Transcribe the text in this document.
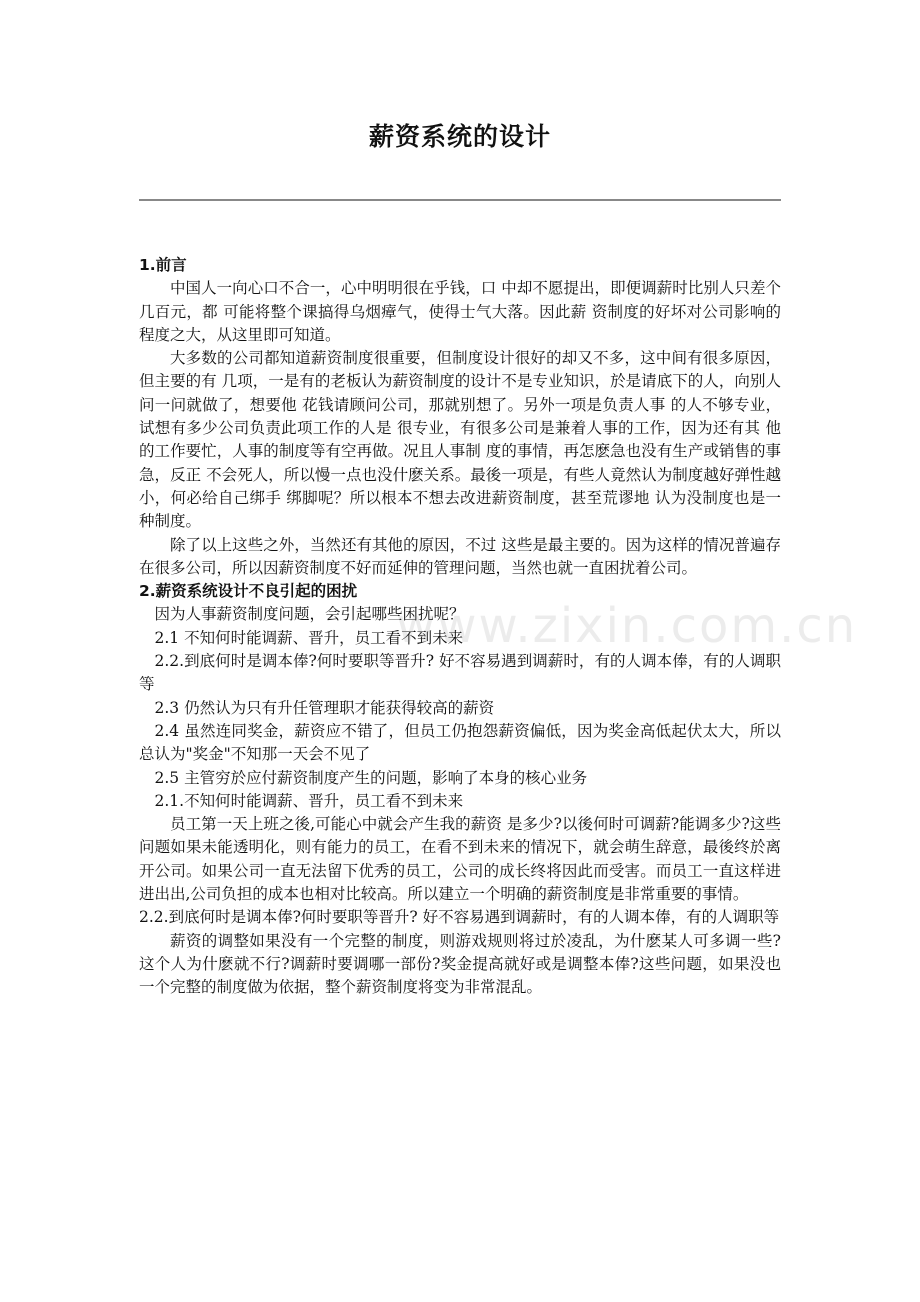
薪资系统的设计

1.前言

中国人一向心口不合一，心中明明很在乎钱，口 中却不愿提出，即便调薪时比别人只差个几百元，都 可能将整个课搞得乌烟瘴气，使得士气大落。因此薪 资制度的好坏对公司影响的程度之大，从这里即可知道。

大多数的公司都知道薪资制度很重要，但制度设计很好的却又不多，这中间有很多原因，但主要的有 几项，一是有的老板认为薪资制度的设计不是专业知识，於是请底下的人，向别人问一问就做了，想要他 花钱请顾问公司，那就别想了。另外一项是负责人事 的人不够专业，试想有多少公司负责此项工作的人是 很专业，有很多公司是兼着人事的工作，因为还有其 他的工作要忙，人事的制度等有空再做。况且人事制 度的事情，再怎麽急也没有生产或销售的事急，反正 不会死人，所以慢一点也没什麽关系。最後一项是，有些人竟然认为制度越好弹性越小，何必给自己绑手 绑脚呢？所以根本不想去改进薪资制度，甚至荒谬地 认为没制度也是一种制度。

除了以上这些之外，当然还有其他的原因，不过 这些是最主要的。因为这样的情况普遍存在很多公司，所以因薪资制度不好而延伸的管理问题，当然也就一直困扰着公司。

2.薪资系统设计不良引起的困扰

因为人事薪资制度问题，会引起哪些困扰呢？

2.1 不知何时能调薪、晋升，员工看不到未来

2.2.到底何时是调本俸?何时要职等晋升? 好不容易遇到调薪时，有的人调本俸，有的人调职等

2.3 仍然认为只有升任管理职才能获得较高的薪资

2.4 虽然连同奖金，薪资应不错了，但员工仍抱怨薪资偏低，因为奖金高低起伏太大，所以总认为"奖金"不知那一天会不见了

2.5 主管穷於应付薪资制度产生的问题，影响了本身的核心业务

2.1.不知何时能调薪、晋升，员工看不到未来

员工第一天上班之後,可能心中就会产生我的薪资 是多少?以後何时可调薪?能调多少?这些问题如果未能透明化，则有能力的员工，在看不到未来的情况下，就会萌生辞意，最後终於离开公司。如果公司一直无法留下优秀的员工，公司的成长终将因此而受害。而员工一直这样进进出出,公司负担的成本也相对比较高。所以建立一个明确的薪资制度是非常重要的事情。

2.2.到底何时是调本俸?何时要职等晋升? 好不容易遇到调薪时，有的人调本俸，有的人调职等

薪资的调整如果没有一个完整的制度，则游戏规则将过於凌乱，为什麽某人可多调一些?这个人为什麽就不行?调薪时要调哪一部份?奖金提高就好或是调整本俸?这些问题，如果没也一个完整的制度做为依据，整个薪资制度将变为非常混乱。

www.zixin.com.cn
